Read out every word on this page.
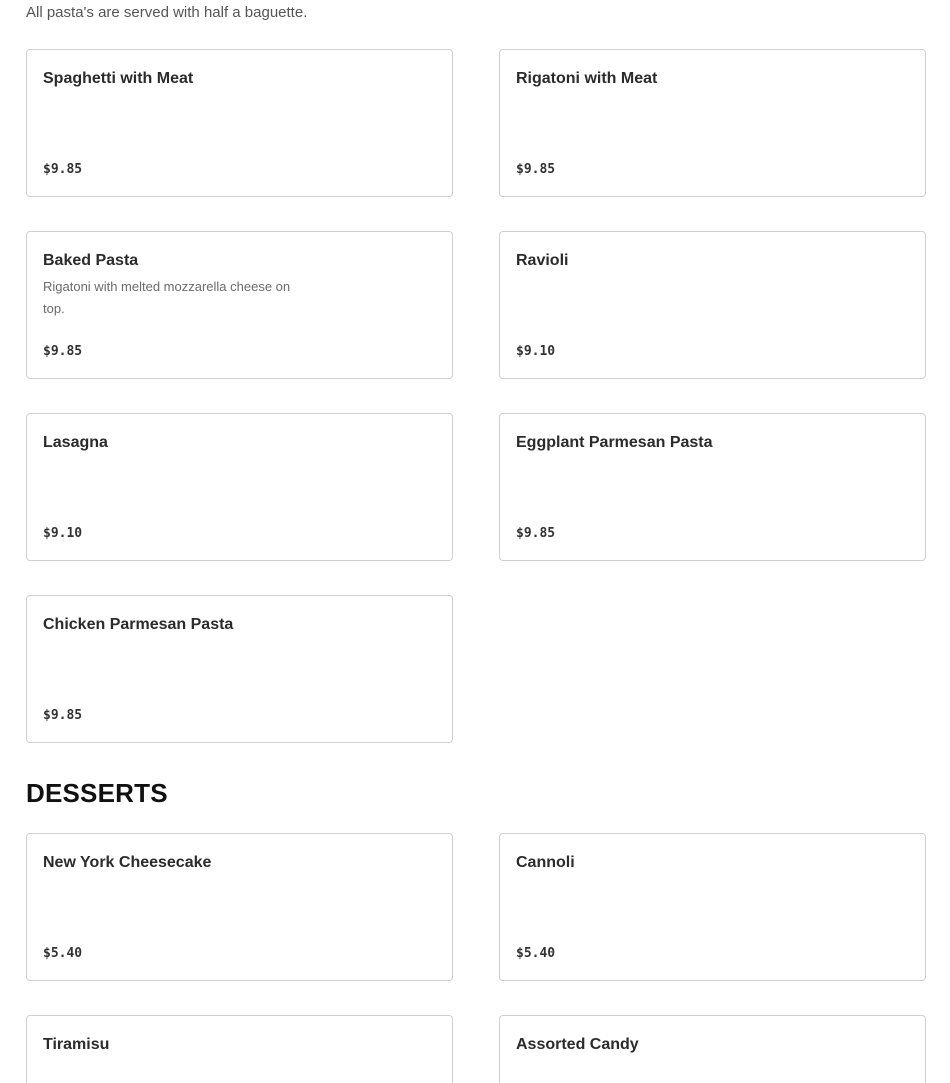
All pasta's are served with half a baguette.
Spaghetti with Meat
$9.85
Rigatoni with Meat
$9.85
Baked Pasta
Rigatoni with melted mozzarella cheese on top.
$9.85
Ravioli
$9.10
Lasagna
$9.10
Eggplant Parmesan Pasta
$9.85
Chicken Parmesan Pasta
$9.85
DESSERTS
New York Cheesecake
$5.40
Cannoli
$5.40
Tiramisu	Assorted Candy
